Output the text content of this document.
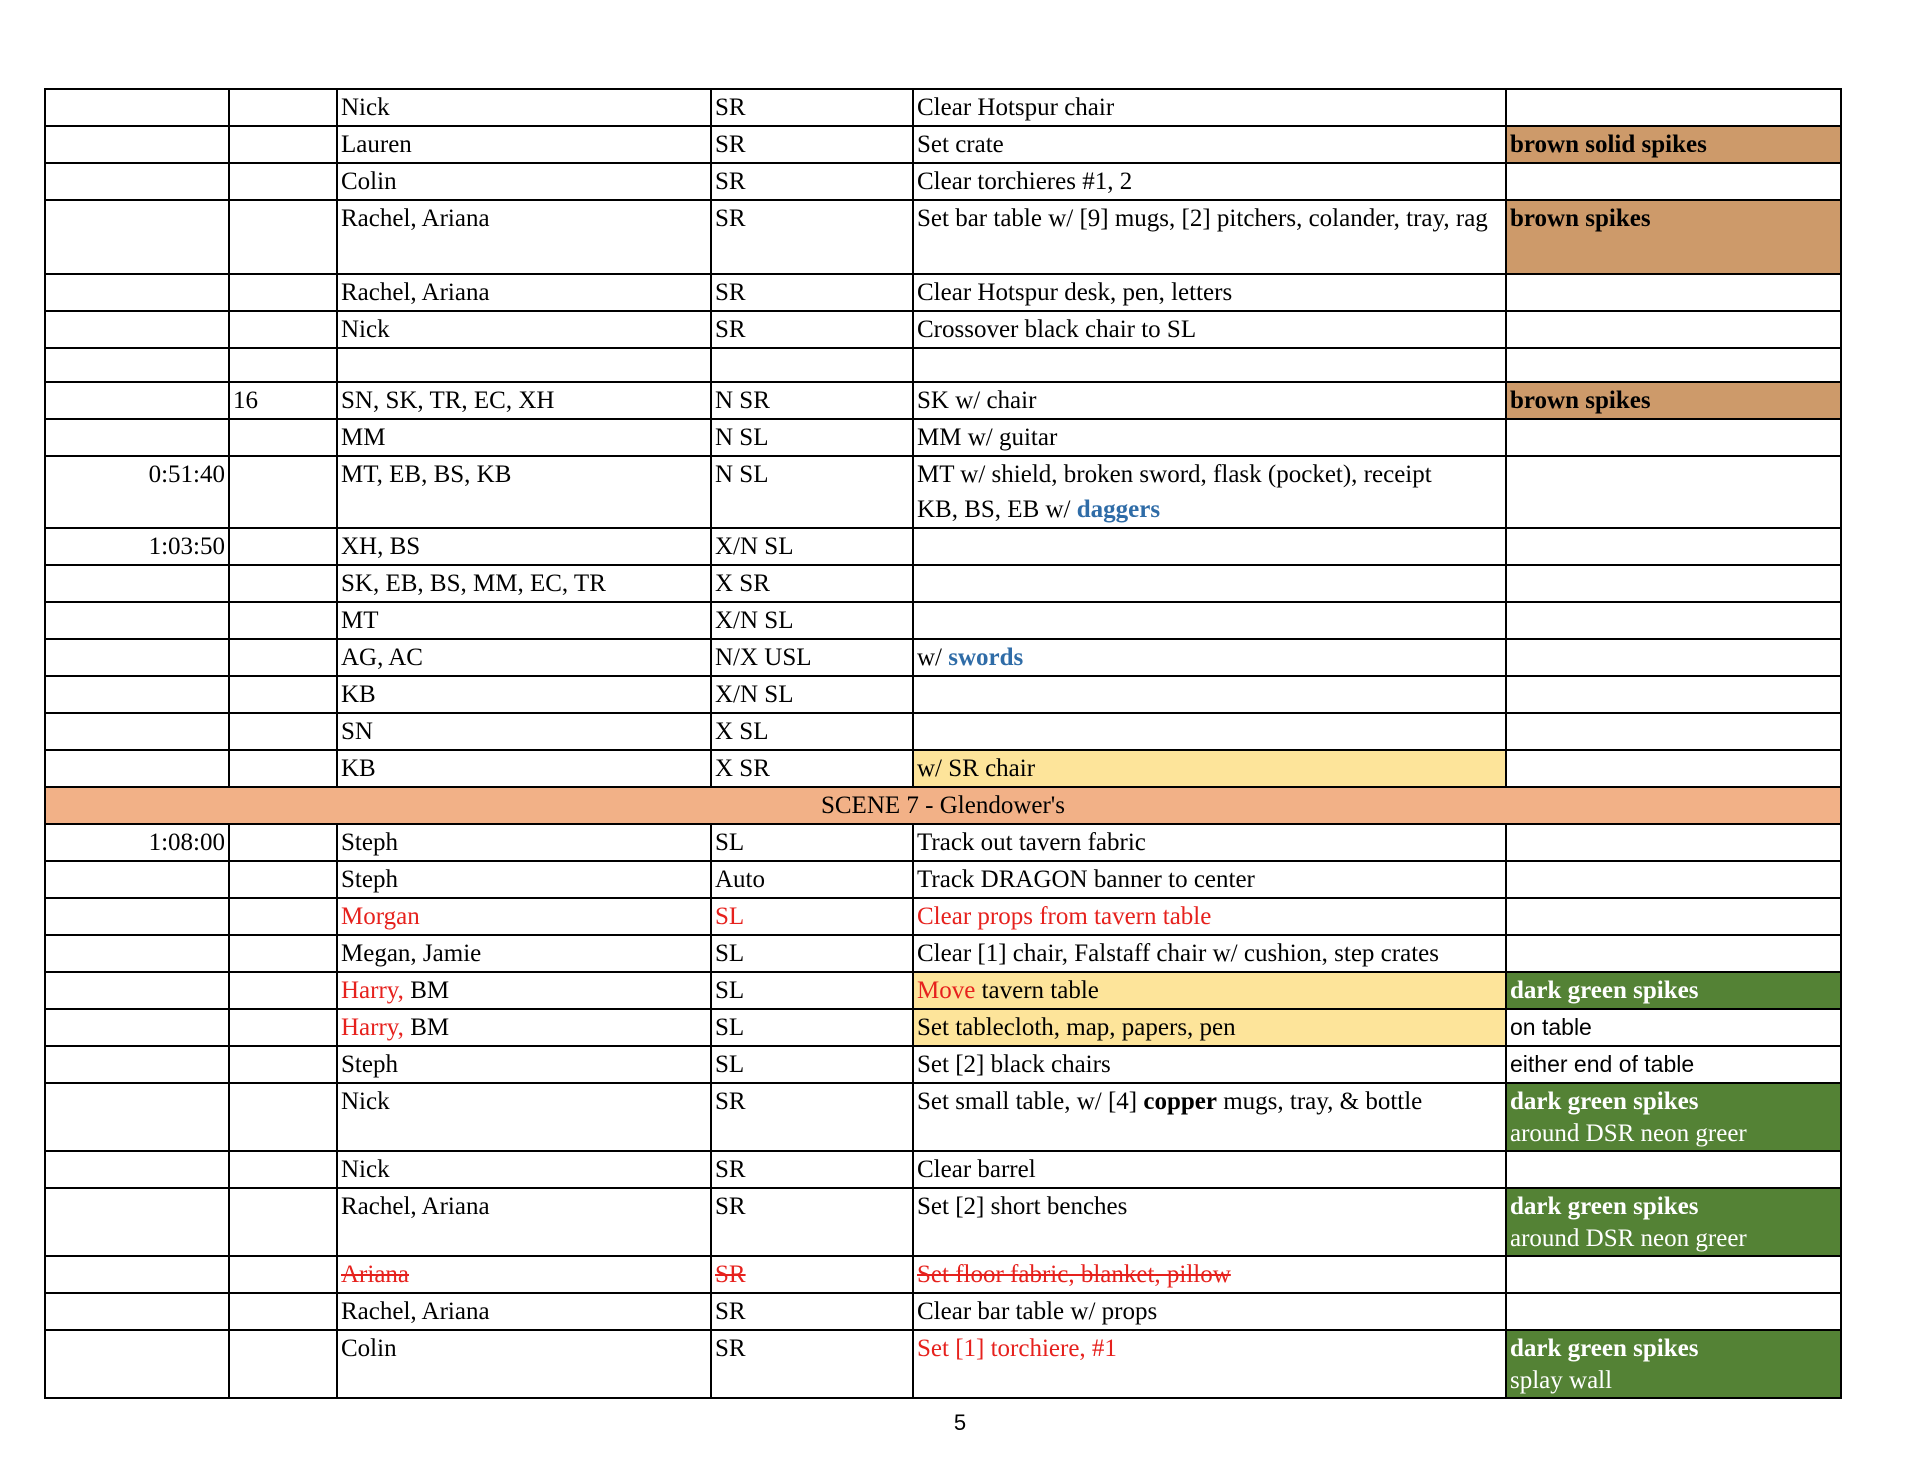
		Nick	SR	Clear Hotspur chair	
		Lauren	SR	Set crate	brown solid spikes
		Colin	SR	Clear torchieres #1, 2	
		Rachel, Ariana	SR	Set bar table w/ [9] mugs, [2] pitchers, colander, tray, rag	brown spikes
		Rachel, Ariana	SR	Clear Hotspur desk, pen, letters	
		Nick	SR	Crossover black chair to SL	

	16	SN, SK, TR, EC, XH	N SR	SK w/ chair	brown spikes
		MM	N SL	MM w/ guitar	
0:51:40		MT, EB, BS, KB	N SL	MT w/ shield, broken sword, flask (pocket), receipt
KB, BS, EB w/ daggers	

1:03:50		XH, BS	X/N SL		
		SK, EB, BS, MM, EC, TR	X SR		
		MT	X/N SL		
		AG, AC	N/X USL	w/ swords	
		KB	X/N SL		
		SN	X SL		
		KB	X SR	w/ SR chair	
SCENE 7 - Glendower's					
1:08:00		Steph	SL	Track out tavern fabric	
		Steph	Auto	Track DRAGON banner to center	
		Morgan	SL	Clear props from tavern table	
		Megan, Jamie	SL	Clear [1] chair, Falstaff chair w/ cushion, step crates	
		Harry, BM	SL	Move tavern table	dark green spikes
		Harry, BM	SL	Set tablecloth, map, papers, pen	on table
		Steph	SL	Set [2] black chairs	either end of table
		Nick	SR	Set small table, w/ [4] copper mugs, tray, & bottle	dark green spikes
around DSR neon greer

		Nick	SR	Clear barrel	
		Rachel, Ariana	SR	Set [2] short benches	dark green spikes
around DSR neon greer

		Ariana	SR	Set floor fabric, blanket, pillow	
		Rachel, Ariana	SR	Clear bar table w/ props	
		Colin	SR	Set [1] torchiere, #1	dark green spikes
splay wall
5
